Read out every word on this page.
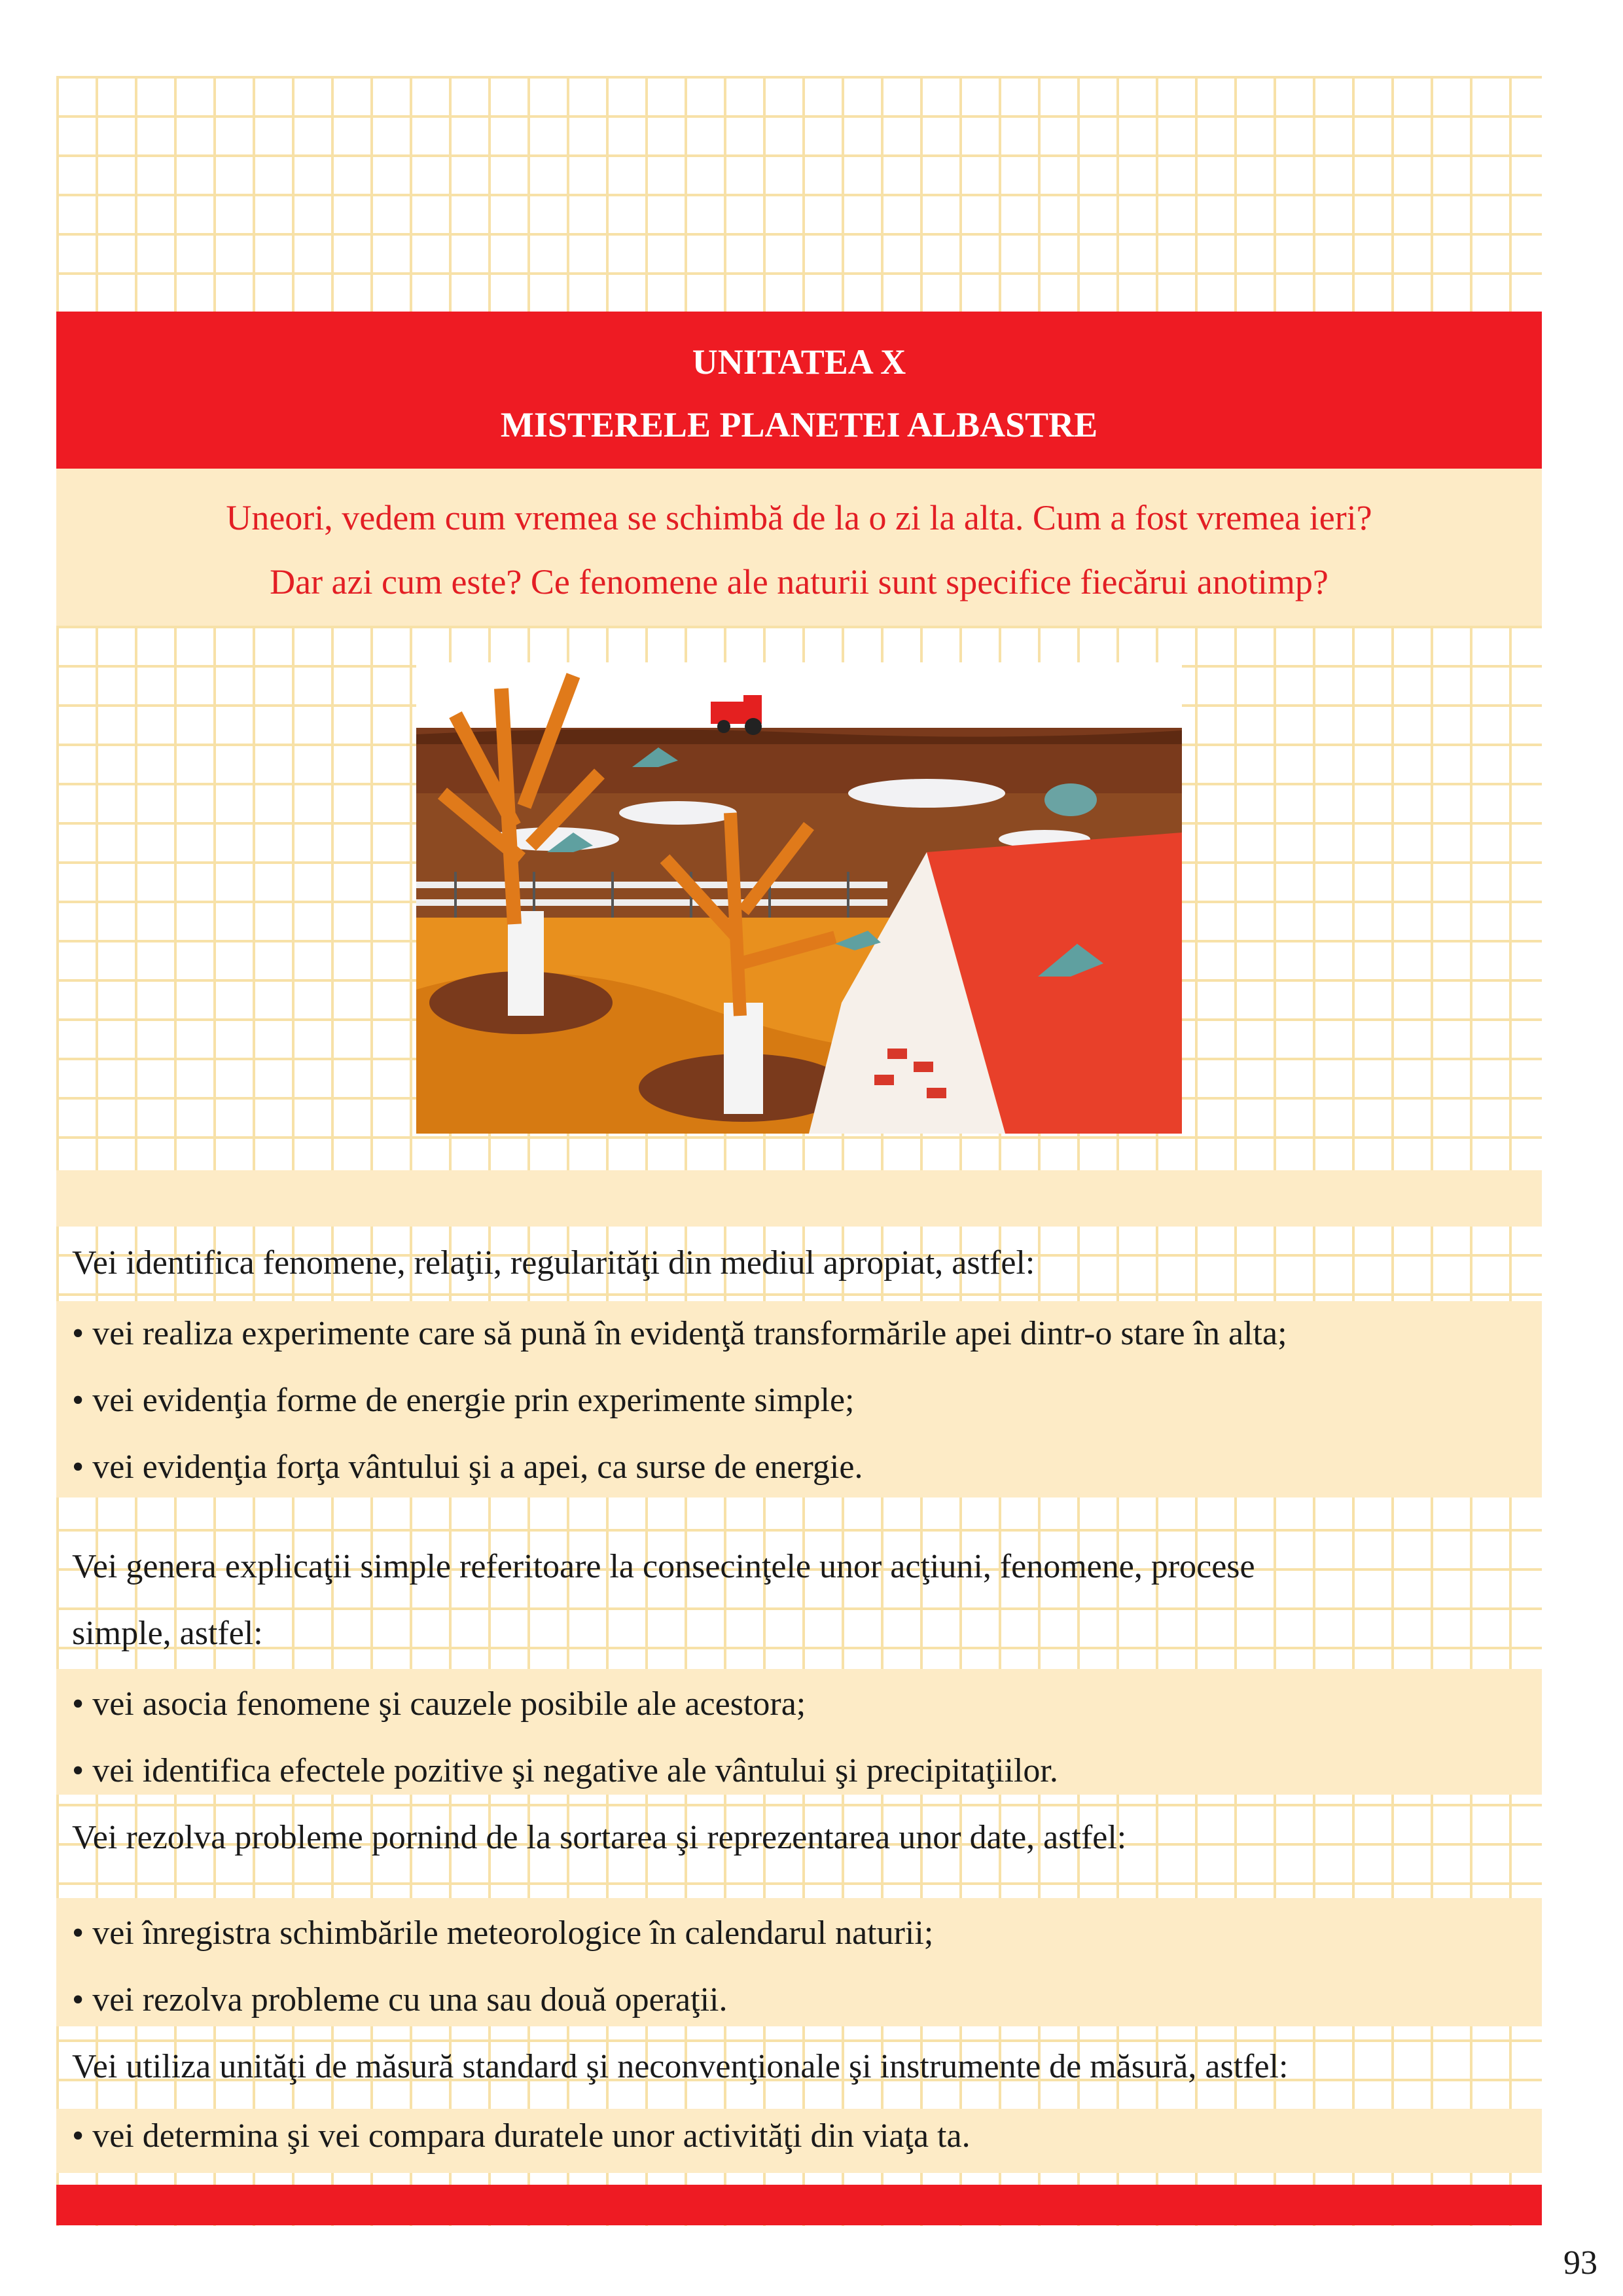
UNITATEA X
MISTERELE PLANETEI ALBASTRE
Uneori, vedem cum vremea se schimbă de la o zi la alta. Cum a fost vremea ieri?
Dar azi cum este? Ce fenomene ale naturii sunt specifice fiecărui anotimp?
Vei identifica fenomene, relaţii, regularităţi din mediul apropiat, astfel:
• vei realiza experimente care să pună în evidenţă transformările apei dintr-o stare în alta;
• vei evidenţia forme de energie prin experimente simple;
• vei evidenţia forţa vântului şi a apei, ca surse de energie.
Vei genera explicaţii simple referitoare la consecinţele unor acţiuni, fenomene, procese
simple, astfel:
• vei asocia fenomene şi cauzele posibile ale acestora;
• vei identifica efectele pozitive şi negative ale vântului şi precipitaţiilor.
Vei rezolva probleme pornind de la sortarea şi reprezentarea unor date, astfel:
• vei înregistra schimbările meteorologice în calendarul naturii;
• vei rezolva probleme cu una sau două operaţii.
Vei utiliza unităţi de măsură standard şi neconvenţionale şi instrumente de măsură, astfel:
• vei determina şi vei compara duratele unor activităţi din viaţa ta.
93
